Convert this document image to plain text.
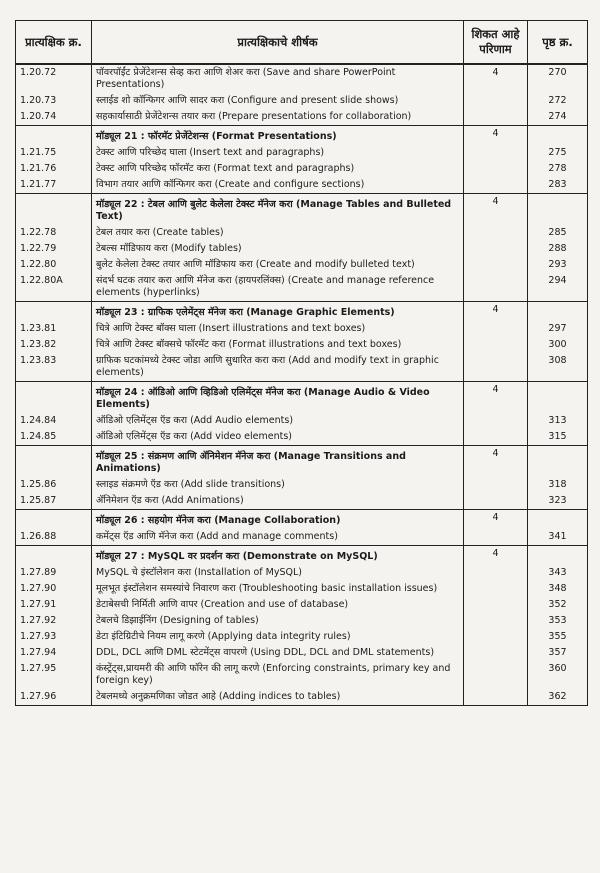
प्रात्यक्षिक क्र.	प्रात्यक्षिकाचे शीर्षक	शिकत आहे परिणाम	पृष्ठ क्र.
1.20.72	पॉवरपॉईंट प्रेजेंटेशन्स सेव्ह करा आणि शेअर करा (Save and share PowerPoint Presentations)	4	270
1.20.73	स्लाईड शो कॉन्फिगर आणि सादर करा (Configure and present slide shows)		272
1.20.74	सहकार्यासाठी प्रेजेंटेशन्स तयार करा (Prepare presentations for collaboration)		274
	मॉड्यूल 21 : फॉरमॅट प्रेजेंटेशन्स (Format Presentations)	4	
1.21.75	टेक्स्ट आणि परिच्छेद घाला (Insert text and paragraphs)		275
1.21.76	टेक्स्ट आणि परिच्छेद फॉरमॅट करा (Format text and paragraphs)		278
1.21.77	विभाग तयार आणि कॉन्फिगर करा (Create and configure sections)		283
	मॉड्यूल 22 : टेबल आणि बुलेट केलेला टेक्स्ट मॅनेज करा (Manage Tables and Bulleted Text)	4	
1.22.78	टेबल तयार करा (Create tables)		285
1.22.79	टेबल्स मॉडिफाय करा (Modify tables)		288
1.22.80	बुलेट केलेला टेक्स्ट तयार आणि मॉडिफाय करा (Create and modify bulleted text)		293
1.22.80A	संदर्भ घटक तयार करा आणि मॅनेज करा (हायपरलिंक्स) (Create and manage reference elements (hyperlinks)		294
	मॉड्यूल 23 : ग्राफिक एलेमेंट्स मॅनेज करा (Manage Graphic Elements)	4	
1.23.81	चित्रे आणि टेक्स्ट बॉक्स घाला (Insert illustrations and text boxes)		297
1.23.82	चित्रे आणि टेक्स्ट बॉक्सचे फॉरमॅट करा (Format illustrations and text boxes)		300
1.23.83	ग्राफिक घटकांमध्ये टेक्स्ट जोडा आणि सुधारित करा करा (Add and modify text in graphic elements)		308
	मॉड्यूल 24 : ऑडिओ आणि व्हिडिओ एलिमेंट्स मॅनेज करा (Manage Audio & Video Elements)	4	
1.24.84	ऑडिओ एलिमेंट्स ऍड करा (Add Audio elements)		313
1.24.85	ऑडिओ एलिमेंट्स ऍड करा (Add video elements)		315
	मॉड्यूल 25 : संक्रमण आणि ॲनिमेशन मॅनेज करा (Manage Transitions and Animations)	4	
1.25.86	स्लाइड संक्रमणे ऍड करा (Add slide transitions)		318
1.25.87	ॲनिमेशन ऍड करा (Add Animations)		323
	मॉड्यूल 26 : सहयोग मॅनेज करा (Manage Collaboration)	4	
1.26.88	कमेंट्स ऍड आणि मॅनेज करा (Add and manage comments)		341
	मॉड्यूल 27 : MySQL वर प्रदर्शन करा (Demonstrate on MySQL)	4	
1.27.89	MySQL चे इंस्टॉलेशन करा (Installation of MySQL)		343
1.27.90	मूलभूत इंस्टॉलेशन समस्यांचे निवारण करा (Troubleshooting basic installation issues)		348
1.27.91	डेटाबेसची निर्मिती आणि वापर (Creation and use of database)		352
1.27.92	टेबलचे डिझाईनिंग (Designing of tables)		353
1.27.93	डेटा इंटिग्रिटीचे नियम लागू करणे (Applying data integrity rules)		355
1.27.94	DDL, DCL आणि DML स्टेटमेंट्स वापरणे (Using DDL, DCL and DML statements)		357
1.27.95	कंस्ट्रेंट्स,प्रायमरी की आणि फॉरेन की लागू करणे (Enforcing constraints, primary key and foreign key)		360
1.27.96	टेबलमध्ये अनुक्रमणिका जोडत आहे (Adding indices to tables)		362
